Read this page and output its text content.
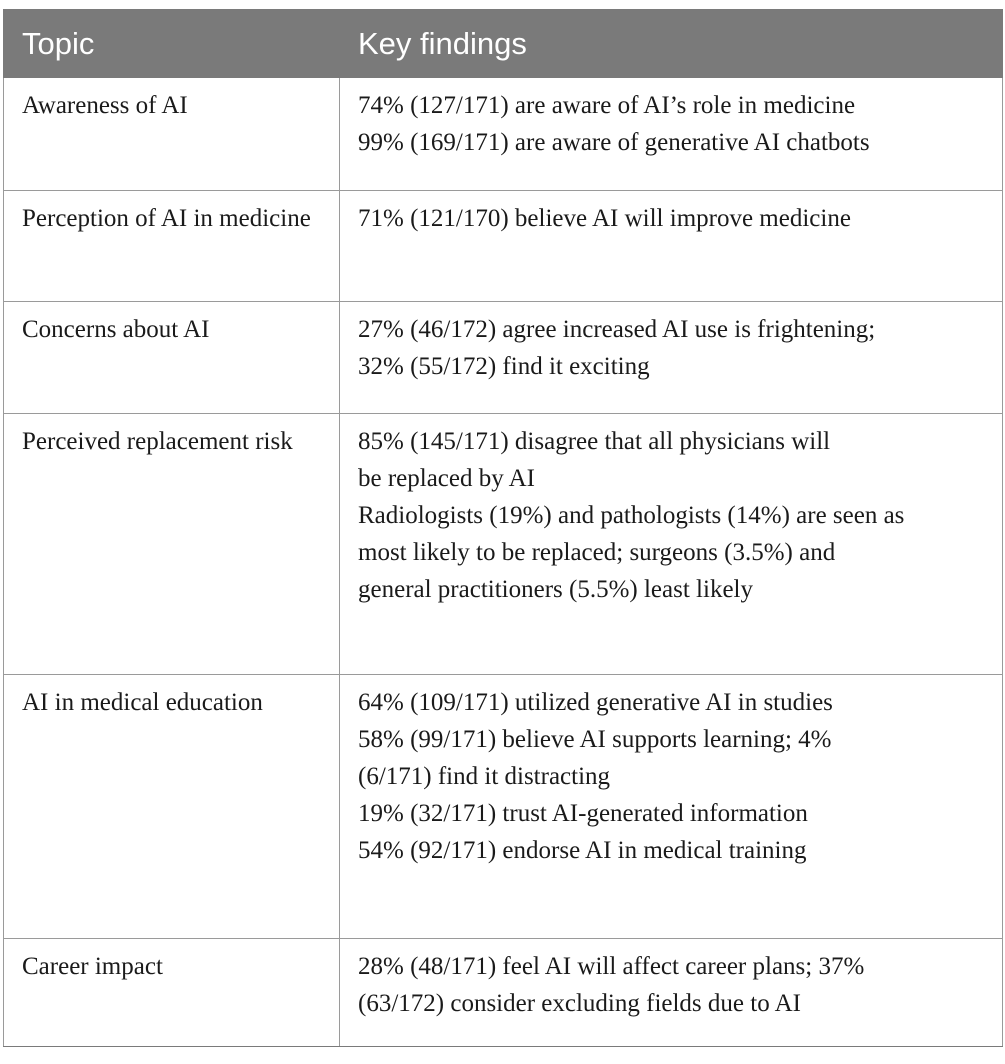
Topic	Key findings
Awareness of AI	74% (127/171) are aware of AI’s role in medicine
99% (169/171) are aware of generative AI chatbots

Perception of AI in medicine	71% (121/170) believe AI will improve medicine

Concerns about AI	27% (46/172) agree increased AI use is frightening;
32% (55/172) find it exciting

Perceived replacement risk	85% (145/171) disagree that all physicians will
be replaced by AI
Radiologists (19%) and pathologists (14%) are seen as
most likely to be replaced; surgeons (3.5%) and
general practitioners (5.5%) least likely

AI in medical education	64% (109/171) utilized generative AI in studies
58% (99/171) believe AI supports learning; 4%
(6/171) find it distracting
19% (32/171) trust AI-generated information
54% (92/171) endorse AI in medical training

Career impact	28% (48/171) feel AI will affect career plans; 37%
(63/172) consider excluding fields due to AI
